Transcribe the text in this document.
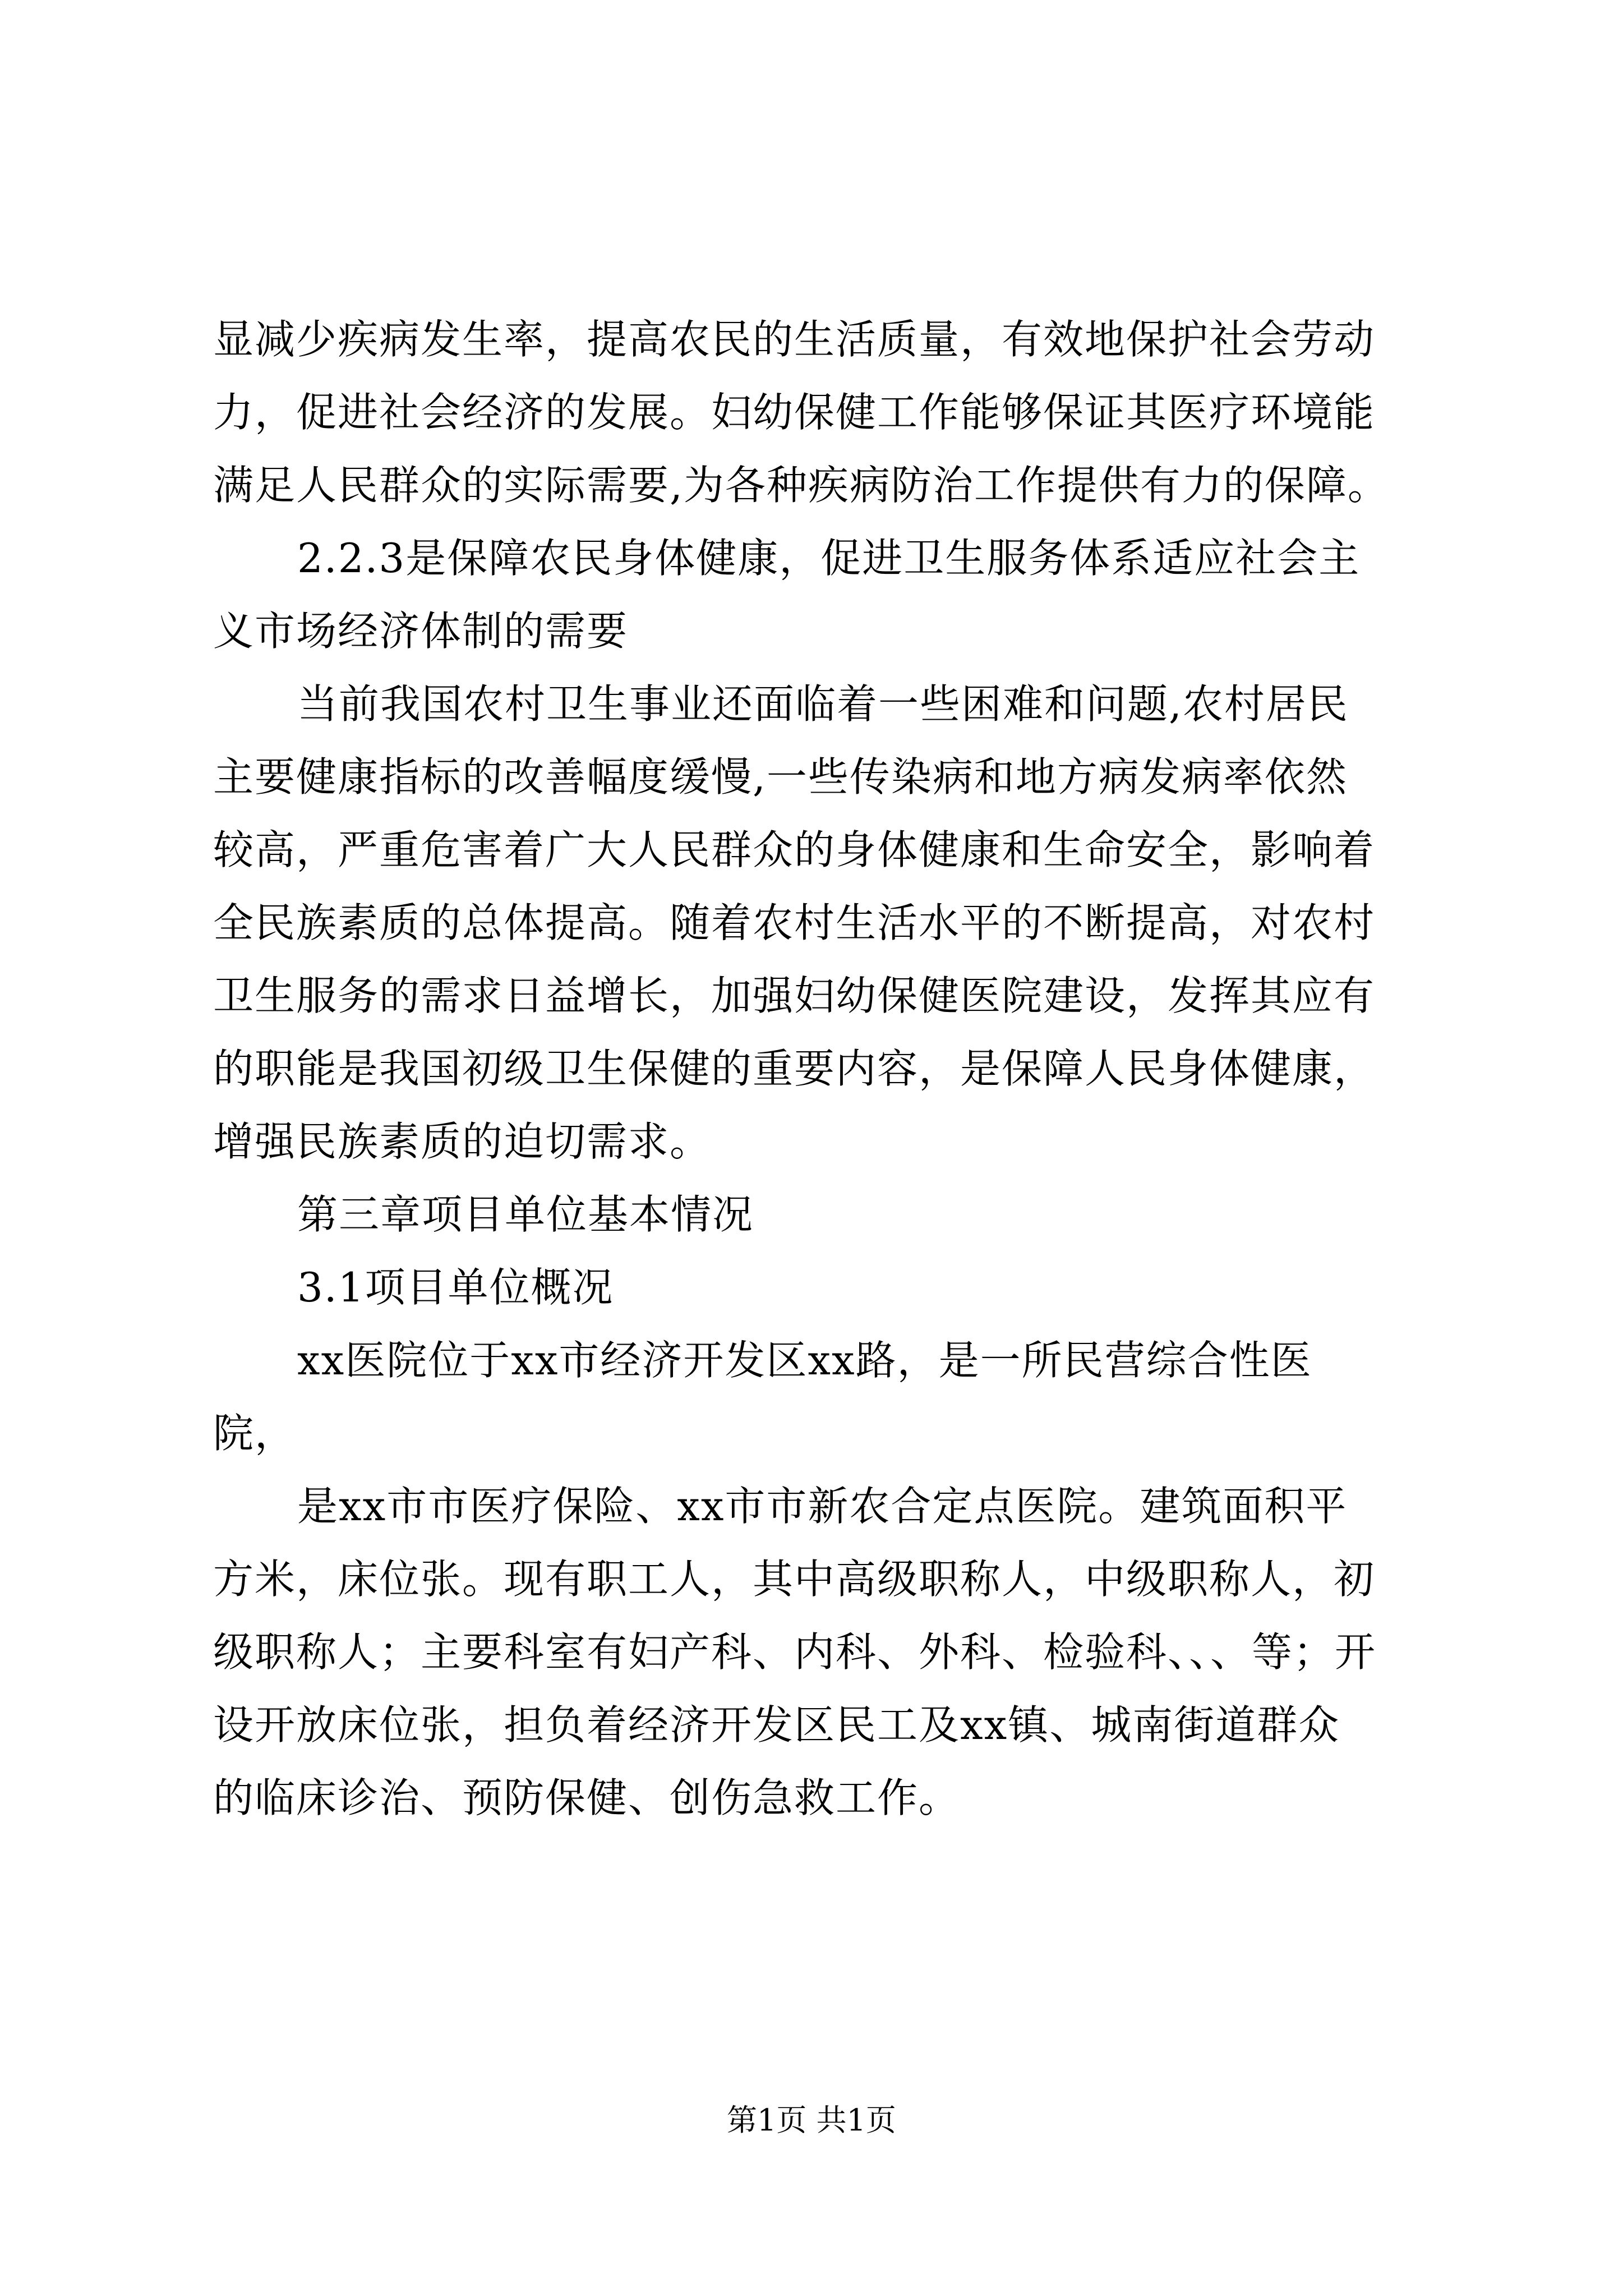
显减少疾病发生率，提高农民的生活质量，有效地保护社会劳动
力，促进社会经济的发展。妇幼保健工作能够保证其医疗环境能
满足人民群众的实际需要,为各种疾病防治工作提供有力的保障。
2.2.3是保障农民身体健康，促进卫生服务体系适应社会主
义市场经济体制的需要
当前我国农村卫生事业还面临着一些困难和问题,农村居民
主要健康指标的改善幅度缓慢,一些传染病和地方病发病率依然
较高，严重危害着广大人民群众的身体健康和生命安全，影响着
全民族素质的总体提高。随着农村生活水平的不断提高，对农村
卫生服务的需求日益增长，加强妇幼保健医院建设，发挥其应有
的职能是我国初级卫生保健的重要内容，是保障人民身体健康，
增强民族素质的迫切需求。
第三章项目单位基本情况
3.1项目单位概况
xx医院位于xx市经济开发区xx路，是一所民营综合性医
院，
是xx市市医疗保险、xx市市新农合定点医院。建筑面积平
方米，床位张。现有职工人，其中高级职称人，中级职称人，初
级职称人；主要科室有妇产科、内科、外科、检验科、、、等；开
设开放床位张，担负着经济开发区民工及xx镇、城南街道群众
的临床诊治、预防保健、创伤急救工作。
第1页 共1页
